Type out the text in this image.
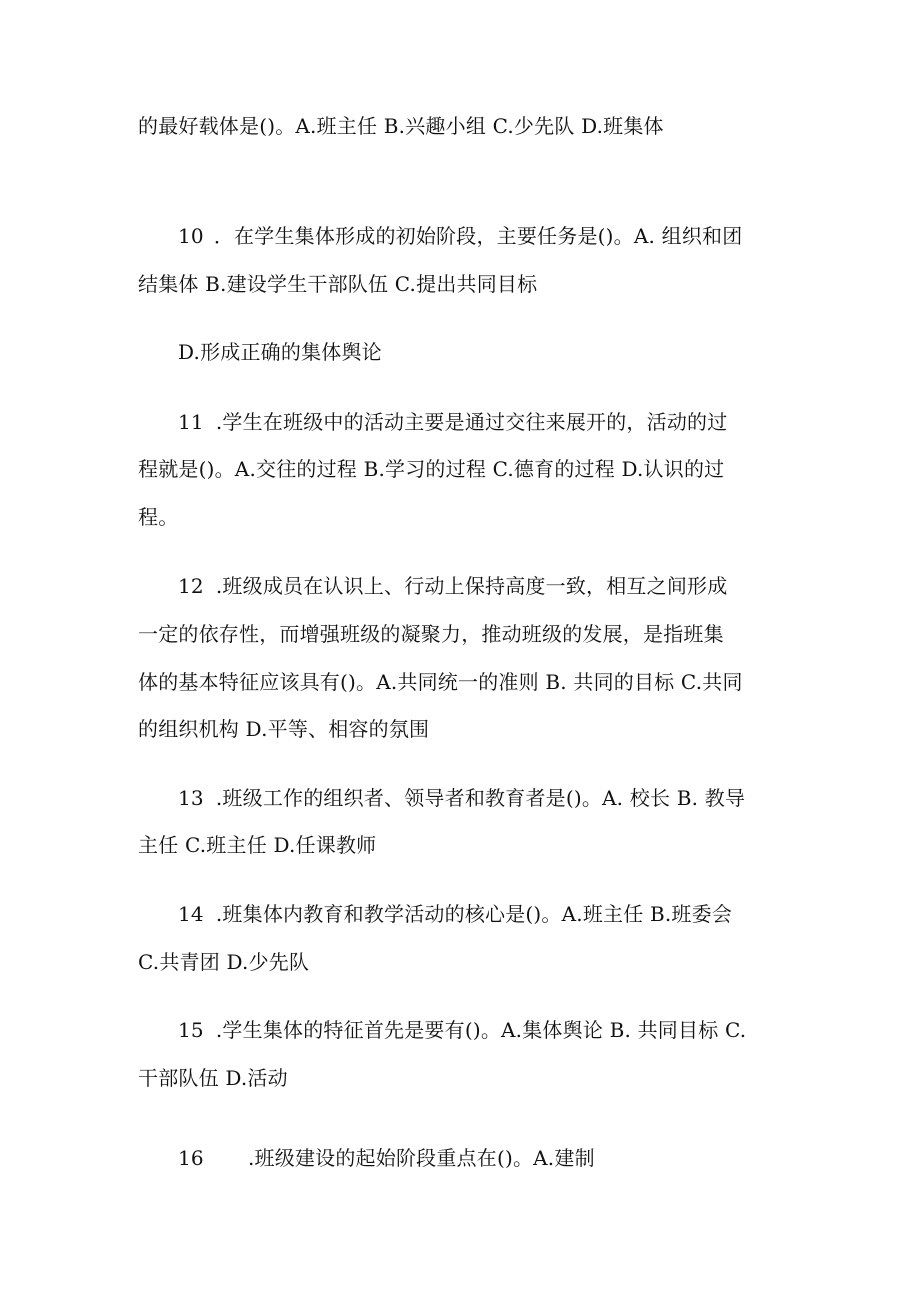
的最好载体是()。A.班主任 B.兴趣小组 C.少先队 D.班集体
10 ．在学生集体形成的初始阶段，主要任务是()。A. 组织和团
结集体 B.建设学生干部队伍 C.提出共同目标
D.形成正确的集体舆论
11 .学生在班级中的活动主要是通过交往来展开的，活动的过
程就是()。A.交往的过程 B.学习的过程 C.德育的过程 D.认识的过
程。
12 .班级成员在认识上、行动上保持高度一致，相互之间形成
一定的依存性，而增强班级的凝聚力，推动班级的发展，是指班集
体的基本特征应该具有()。A.共同统一的准则 B. 共同的目标 C.共同
的组织机构 D.平等、相容的氛围
13 .班级工作的组织者、领导者和教育者是()。A. 校长 B. 教导
主任 C.班主任 D.任课教师
14 .班集体内教育和教学活动的核心是()。A.班主任 B.班委会
C.共青团 D.少先队
15 .学生集体的特征首先是要有()。A.集体舆论 B. 共同目标 C.
干部队伍 D.活动
16 .班级建设的起始阶段重点在()。A.建制
